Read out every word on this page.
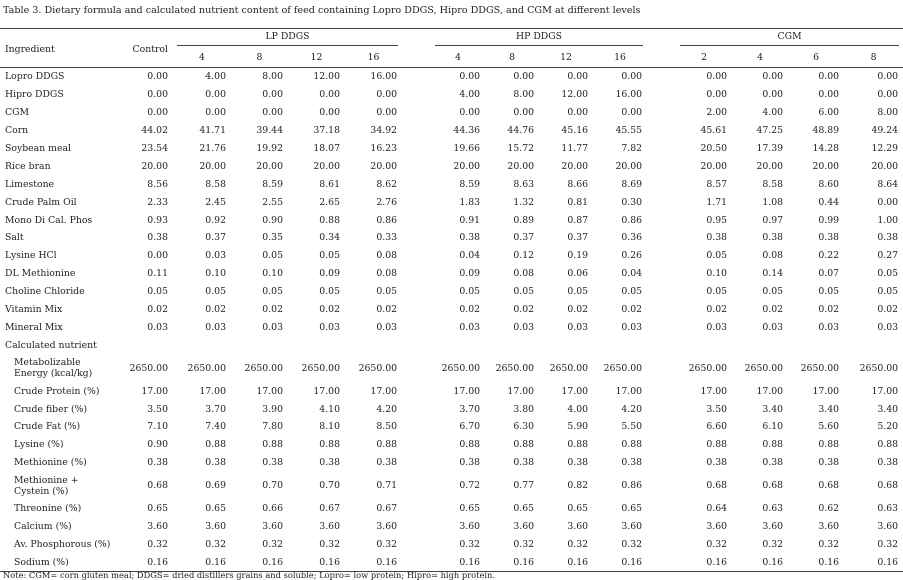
Table 3. Dietary formula and calculated nutrient content of feed containing Lopro DDGS, Hipro DDGS, and CGM at different levels
Ingredient	Control	LP DDGS					HP DDGS					CGM			

		4	8	12	16		4	8	12	16		2	4	6	8
Lopro DDGS	0.00	4.00	8.00	12.00	16.00		0.00	0.00	0.00	0.00		0.00	0.00	0.00	0.00
Hipro DDGS	0.00	0.00	0.00	0.00	0.00		4.00	8.00	12.00	16.00		0.00	0.00	0.00	0.00
CGM	0.00	0.00	0.00	0.00	0.00		0.00	0.00	0.00	0.00		2.00	4.00	6.00	8.00
Corn	44.02	41.71	39.44	37.18	34.92		44.36	44.76	45.16	45.55		45.61	47.25	48.89	49.24
Soybean meal	23.54	21.76	19.92	18.07	16.23		19.66	15.72	11.77	7.82		20.50	17.39	14.28	12.29
Rice bran	20.00	20.00	20.00	20.00	20.00		20.00	20.00	20.00	20.00		20.00	20.00	20.00	20.00
Limestone	8.56	8.58	8.59	8.61	8.62		8.59	8.63	8.66	8.69		8.57	8.58	8.60	8.64
Crude Palm Oil	2.33	2.45	2.55	2.65	2.76		1.83	1.32	0.81	0.30		1.71	1.08	0.44	0.00
Mono Di Cal. Phos	0.93	0.92	0.90	0.88	0.86		0.91	0.89	0.87	0.86		0.95	0.97	0.99	1.00
Salt	0.38	0.37	0.35	0.34	0.33		0.38	0.37	0.37	0.36		0.38	0.38	0.38	0.38
Lysine HCl	0.00	0.03	0.05	0.05	0.08		0.04	0.12	0.19	0.26		0.05	0.08	0.22	0.27
DL Methionine	0.11	0.10	0.10	0.09	0.08		0.09	0.08	0.06	0.04		0.10	0.14	0.07	0.05
Choline Chloride	0.05	0.05	0.05	0.05	0.05		0.05	0.05	0.05	0.05		0.05	0.05	0.05	0.05
Vitamin Mix	0.02	0.02	0.02	0.02	0.02		0.02	0.02	0.02	0.02		0.02	0.02	0.02	0.02
Mineral Mix	0.03	0.03	0.03	0.03	0.03		0.03	0.03	0.03	0.03		0.03	0.03	0.03	0.03
Calculated nutrient															

Metabolizable
Energy (kcal/kg)	2650.00	2650.00	2650.00	2650.00	2650.00		2650.00	2650.00	2650.00	2650.00		2650.00	2650.00	2650.00	2650.00
Crude Protein (%)	17.00	17.00	17.00	17.00	17.00		17.00	17.00	17.00	17.00		17.00	17.00	17.00	17.00
Crude fiber (%)	3.50	3.70	3.90	4.10	4.20		3.70	3.80	4.00	4.20		3.50	3.40	3.40	3.40
Crude Fat (%)	7.10	7.40	7.80	8.10	8.50		6.70	6.30	5.90	5.50		6.60	6.10	5.60	5.20
Lysine (%)	0.90	0.88	0.88	0.88	0.88		0.88	0.88	0.88	0.88		0.88	0.88	0.88	0.88
Methionine (%)	0.38	0.38	0.38	0.38	0.38		0.38	0.38	0.38	0.38		0.38	0.38	0.38	0.38

Methionine +
Cystein (%)	0.68	0.69	0.70	0.70	0.71		0.72	0.77	0.82	0.86		0.68	0.68	0.68	0.68
Threonine (%)	0.65	0.65	0.66	0.67	0.67		0.65	0.65	0.65	0.65		0.64	0.63	0.62	0.63
Calcium (%)	3.60	3.60	3.60	3.60	3.60		3.60	3.60	3.60	3.60		3.60	3.60	3.60	3.60
Av. Phosphorous (%)	0.32	0.32	0.32	0.32	0.32		0.32	0.32	0.32	0.32		0.32	0.32	0.32	0.32
Sodium (%)	0.16	0.16	0.16	0.16	0.16		0.16	0.16	0.16	0.16		0.16	0.16	0.16	0.16
Note: CGM= corn gluten meal; DDGS= dried distillers grains and soluble; Lopro= low protein; Hipro= high protein.
